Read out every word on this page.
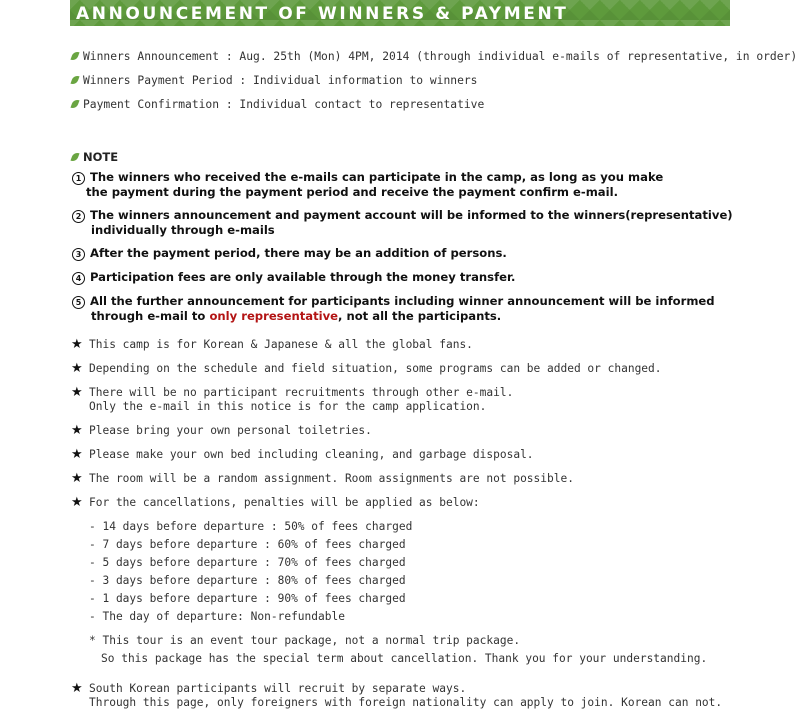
ANNOUNCEMENT OF WINNERS & PAYMENT
Winners Announcement : Aug. 25th (Mon) 4PM, 2014 (through individual e-mails of representative, in order)
Winners Payment Period : Individual information to winners
Payment Confirmation : Individual contact to representative
NOTE
1 The winners who received the e-mails can participate in the camp, as long as you make
the payment during the payment period and receive the payment confirm e-mail.
2 The winners announcement and payment account will be informed to the winners(representative)
individually through e-mails
3 After the payment period, there may be an addition of persons.
4 Participation fees are only available through the money transfer.
5 All the further announcement for participants including winner announcement will be informed
through e-mail to only representative, not all the participants.
★ This camp is for Korean & Japanese & all the global fans.
★ Depending on the schedule and field situation, some programs can be added or changed.
★ There will be no participant recruitments through other e-mail.
Only the e-mail in this notice is for the camp application.
★ Please bring your own personal toiletries.
★ Please make your own bed including cleaning, and garbage disposal.
★ The room will be a random assignment. Room assignments are not possible.
★ For the cancellations, penalties will be applied as below:
- 14 days before departure : 50% of fees charged
- 7 days before departure : 60% of fees charged
- 5 days before departure : 70% of fees charged
- 3 days before departure : 80% of fees charged
- 1 days before departure : 90% of fees charged
- The day of departure: Non-refundable
* This tour is an event tour package, not a normal trip package.
So this package has the special term about cancellation. Thank you for your understanding.
★ South Korean participants will recruit by separate ways.
Through this page, only foreigners with foreign nationality can apply to join. Korean can not.
